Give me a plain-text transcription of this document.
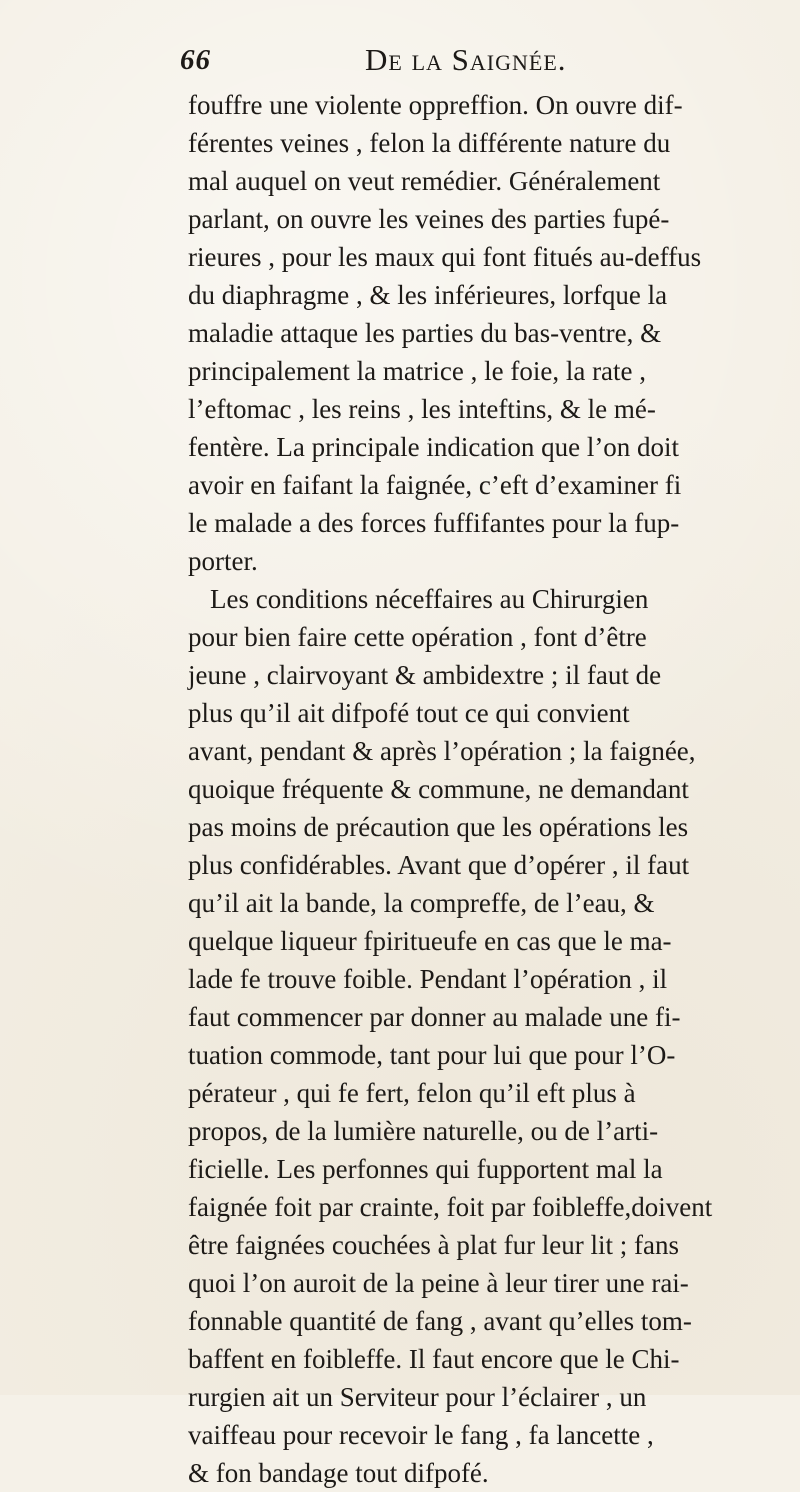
66	De la Saignée.
fouffre une violente oppreffion. On ouvre dif-
férentes veines , felon la différente nature du
mal auquel on veut remédier. Généralement
parlant, on ouvre les veines des parties fupé-
rieures , pour les maux qui font fitués au-deffus
du diaphragme , & les inférieures, lorfque la
maladie attaque les parties du bas-ventre, &
principalement la matrice , le foie, la rate ,
l’eftomac , les reins , les inteftins, & le mé-
fentère. La principale indication que l’on doit
avoir en faifant la faignée, c’eft d’examiner fi
le malade a des forces fuffifantes pour la fup-
porter.
Les conditions néceffaires au Chirurgien
pour bien faire cette opération , font d’être
jeune , clairvoyant & ambidextre ; il faut de
plus qu’il ait difpofé tout ce qui convient
avant, pendant & après l’opération ; la faignée,
quoique fréquente & commune, ne demandant
pas moins de précaution que les opérations les
plus confidérables. Avant que d’opérer , il faut
qu’il ait la bande, la compreffe, de l’eau, &
quelque liqueur fpiritueufe en cas que le ma-
lade fe trouve foible. Pendant l’opération , il
faut commencer par donner au malade une fi-
tuation commode, tant pour lui que pour l’O-
pérateur , qui fe fert, felon qu’il eft plus à
propos, de la lumière naturelle, ou de l’arti-
ficielle. Les perfonnes qui fupportent mal la
faignée foit par crainte, foit par foibleffe,doivent
être faignées couchées à plat fur leur lit ; fans
quoi l’on auroit de la peine à leur tirer une rai-
fonnable quantité de fang , avant qu’elles tom-
baffent en foibleffe. Il faut encore que le Chi-
rurgien ait un Serviteur pour l’éclairer , un
vaiffeau pour recevoir le fang , fa lancette ,
& fon bandage tout difpofé.
